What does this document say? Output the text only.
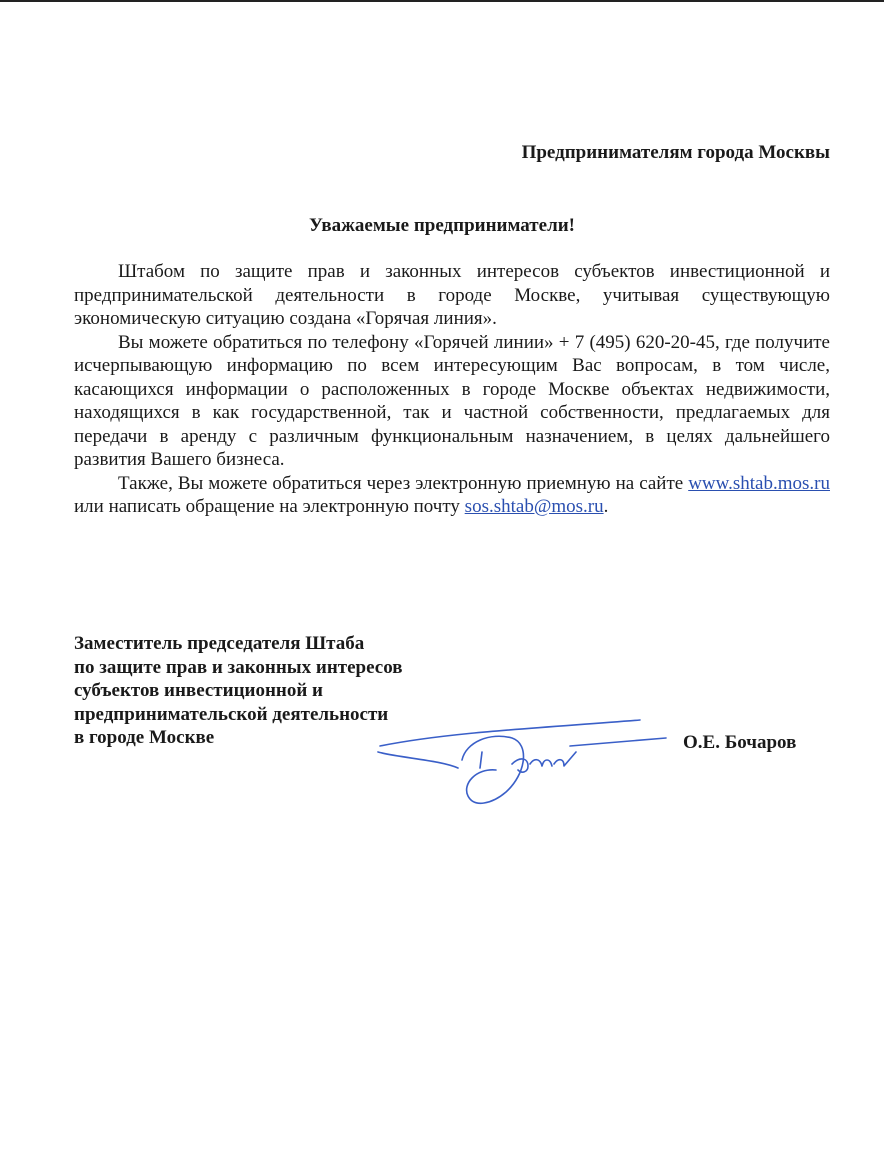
Предпринимателям города Москвы

Уважаемые предприниматели!

Штабом по защите прав и законных интересов субъектов инвестиционной и предпринимательской деятельности в городе Москве, учитывая существующую экономическую ситуацию создана «Горячая линия».

Вы можете обратиться по телефону «Горячей линии» + 7 (495) 620-20-45, где получите исчерпывающую информацию по всем интересующим Вас вопросам, в том числе, касающихся информации о расположенных в городе Москве объектах недвижимости, находящихся в как государственной, так и частной собственности, предлагаемых для передачи в аренду с различным функциональным назначением, в целях дальнейшего развития Вашего бизнеса.

Также, Вы можете обратиться через электронную приемную на сайте www.shtab.mos.ru или написать обращение на электронную почту sos.shtab@mos.ru.

Заместитель председателя Штаба
по защите прав и законных интересов
субъектов инвестиционной и
предпринимательской деятельности
в городе Москве	О.Е. Бочаров
